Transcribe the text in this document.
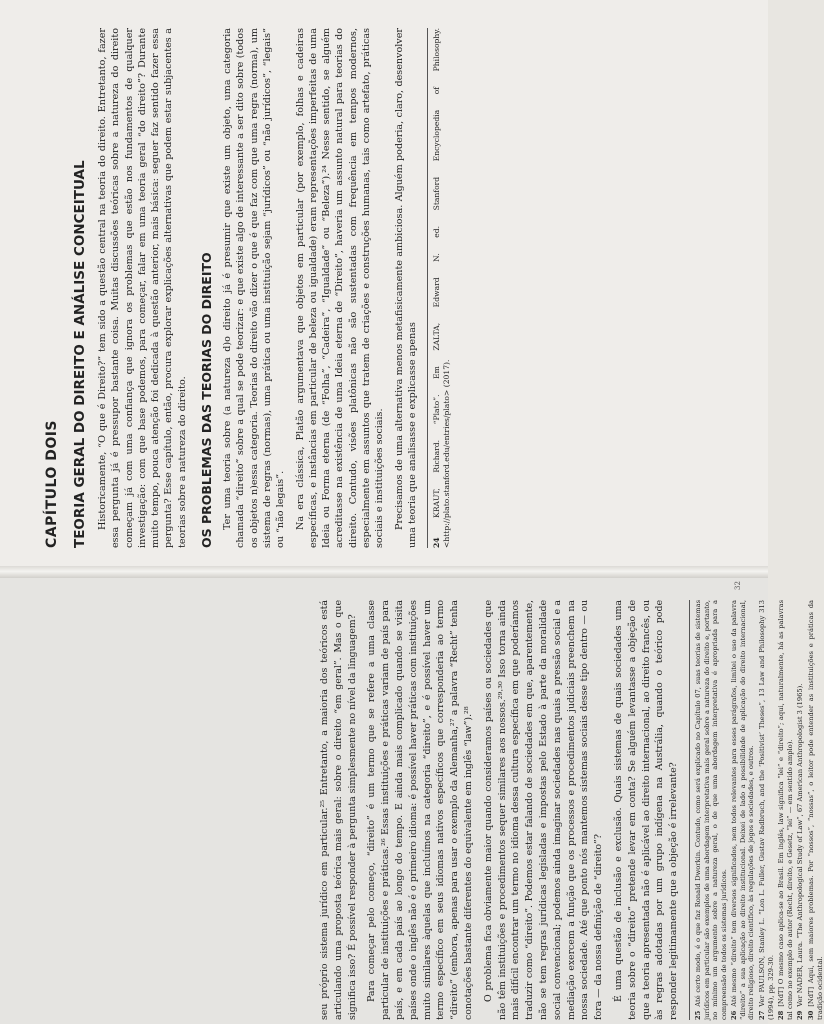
CAPÍTULO DOIS TEORIA GERAL DO DIREITO E ANÁLISE CONCEITUAL Historicamente, “O que é Direito?” tem sido a questão central na teoria do direito. Entretanto, fazer essa pergunta já é pressupor bastante coisa. Muitas discussões teóricas sobre a natureza do direito começam já com uma confiança que ignora os problemas que estão nos fundamentos de qualquer investigação: com que base podemos, para começar, falar em uma teoria geral “do direito”? Durante muito tempo, pouca atenção foi dedicada à questão anterior, mais básica: seguer faz sentido fazer essa pergunta? Esse capítulo, então, procura explorar explicações alternativas que podem estar subjacentes a teorias sobre a natureza do direito. OS PROBLEMAS DAS TEORIAS DO DIREITO Ter uma teoria sobre (a natureza d)o direito já é presumir que existe um objeto, uma categoria chamada “direito” sobre a qual se pode teorizar: e que existe algo de interessante a ser dito sobre (todos os objetos n)essa categoria. Teorias do direito vão dizer o que é que faz com que uma regra (norma), um sistema de regras (normas), uma prática ou uma instituição sejam “jurídicos” ou “não jurídicos”, “legais” ou “não legais”. Na era clássica, Platão argumentava que objetos em particular (por exemplo, folhas e cadeiras específicas, e instâncias em particular de beleza ou igualdade) eram representações imperfeitas de uma Ideia ou Forma eterna (de “Folha”, “Cadeira”, “Igualdade” ou “Beleza”).²⁴ Nesse sentido, se alguém acreditasse na existência de uma Ideia eterna de “Direito”, haveria um assunto natural para teorias do direito. Contudo, visões platônicas não são sustentadas com frequência em tempos modernos, especialmente em assuntos que tratem de criações e construções humanas, tais como artefato, práticas sociais e instituições sociais. Precisamos de uma alternativa menos metafisicamente ambiciosa. Alguém poderia, claro, desenvolver uma teoria que analisasse e explicasse apenas 24 KRAUT, Richard. “Plato”. Em ZALTA, Edward N. ed. Stanford Encyclopedia of Philosophy. <http://plato.stanford.edu/entries/plato> (2017).

32

seu próprio sistema jurídico em particular.²⁵ Entretanto, a maioria dos teóricos está articulando uma proposta teórica mais geral: sobre o direito “em geral”. Mas o que significa isso? É possível responder à pergunta simplesmente no nível da linguagem? Para começar pelo começo, “direito” é um termo que se refere a uma classe particular de instituições e práticas.²⁶ Essas instituições e práticas variam de país para país, e em cada país ao longo do tempo. E ainda mais complicado quando se visita países onde o inglês não é o primeiro idioma: é possível haver práticas com instituições muito similares àquelas que incluímos na categoria “direito”, e é possível haver um termo específico em seus idiomas nativos específicos que corresponderia ao termo “direito” (embora, apenas para usar o exemplo da Alemanha,²⁷ a palavra “Recht” tenha conotações bastante diferentes do equivalente em inglês “law”).²⁸ O problema fica obviamente maior quando consideramos países ou sociedades que não têm instituições e procedimentos sequer similares aos nossos.²⁹·³⁰ Isso torna ainda mais difícil encontrar um termo no idioma dessa cultura específica em que poderíamos traduzir como “direito”. Podemos estar falando de sociedades em que, aparentemente, não se tem regras jurídicas legisladas e impostas pelo Estado à parte da moralidade social convencional; podemos ainda imaginar sociedades nas quais a pressão social e a mediação exercem a função que os processos e procedimentos judiciais preenchem na nossa sociedade. Até que ponto nós mantemos sistemas sociais desse tipo dentro — ou fora — da nossa definição de “direito”? É uma questão de inclusão e exclusão. Quais sistemas de quais sociedades uma teoria sobre o “direito” pretende levar em conta? Se alguém levantasse a objeção de que a teoria apresentada não é aplicável ao direito internacional, ao direito francês, ou às regras adotadas por um grupo indígena na Austrália, quando o teórico pode responder legitimamente que a objeção é irrelevante? 25Até certo modo, é o que faz Ronald Dworkin. Contudo, como será explicado no Capítulo 07, suas teorias de sistemas jurídicos em particular são exemplos de uma abordagem interpretativa mais geral sobre a natureza do direito e, portanto, no mínimo um argumento sobre a natureza geral, o de que uma abordagem interpretativa é apropriada para a compreensão de todos os sistemas jurídicos. 26Até mesmo “direito” tem diversos significados, nem todos relevantes para esses parágrafos, limitei o uso da palavra “direito” a sua aplicação ao direito institucional. Deixei de lado a possibilidade de aplicação do direito internacional, direito religioso, direito científico, às regulações de jogos e sociedades, e outros. 27Ver PAULSON, Stanley L. “Lon L. Fuller, Gustav Radbruch, and the ‘Positivist’ Theses”, 13 Law and Philosophy 313 (1994), pp. 329-30. 28[NdT] O mesmo caso aplica-se ao Brasil. Em inglês, law significa “lei” e “direito”; aqui, naturalmente, há as palavras tal como no exemplo do autor (Recht, direito, e Gesetz, “lei” — em sentido amplo). 29Ver NADER, Laura. “The Anthropological Study of Law”, 67 American Anthropologist 3 (1965).

30[NdT] Aqui, sem maiores problemas. Por “nossos”, “nossas”, o leitor pode entender as instituições e práticas da tradição ocidental.
